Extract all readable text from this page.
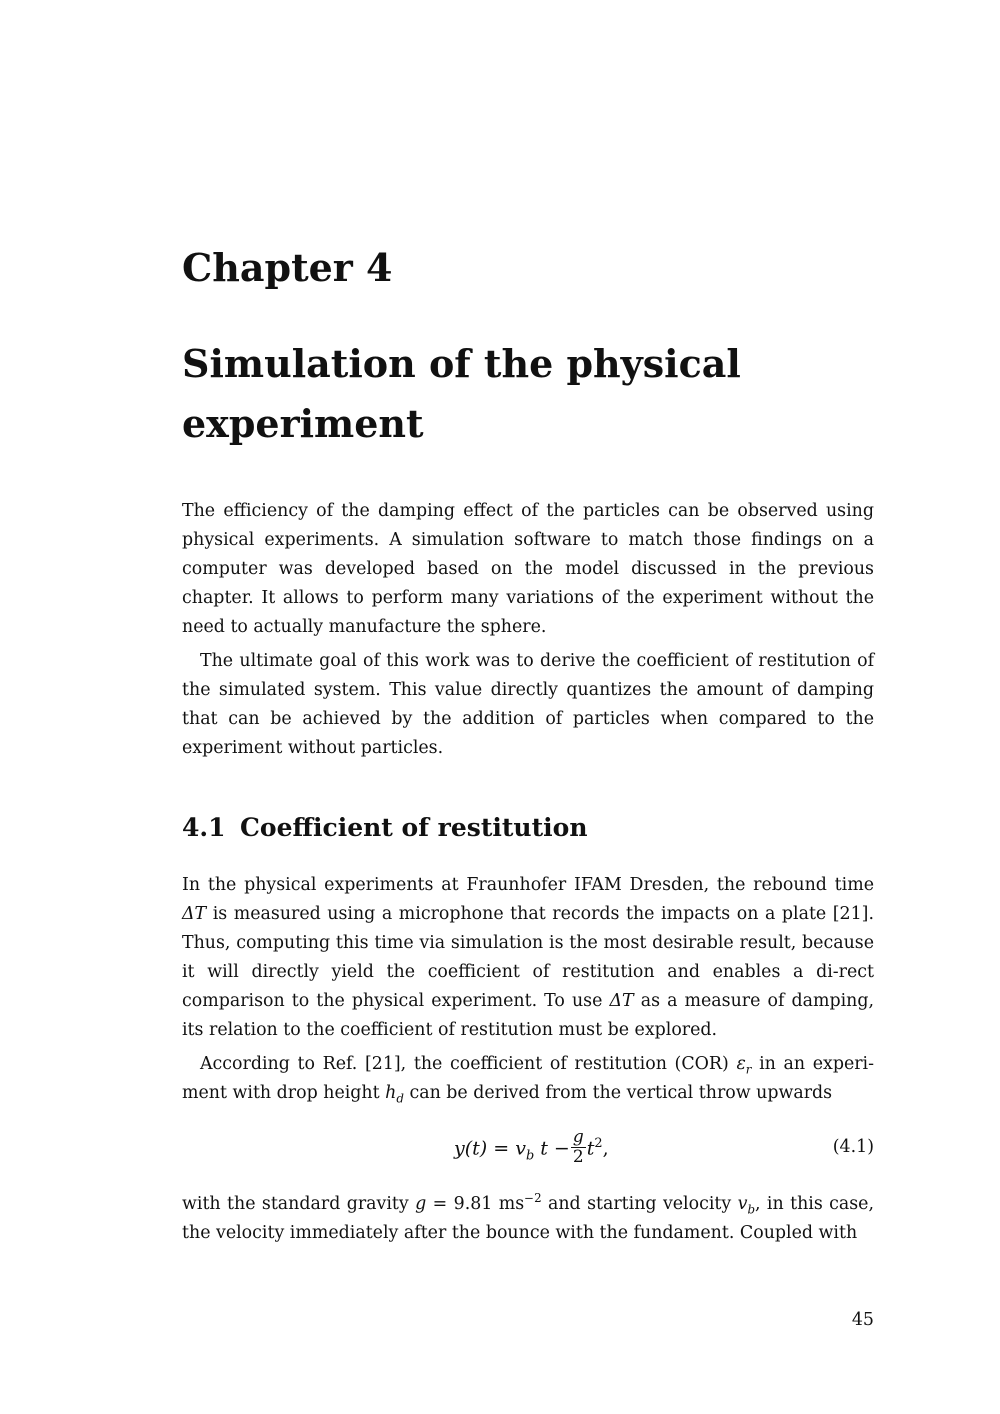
Chapter 4
Simulation of the physical experiment

The efficiency of the damping effect of the particles can be observed using physical experiments. A simulation software to match those findings on a computer was developed based on the model discussed in the previous chapter. It allows to perform many variations of the experiment without the need to actually manufacture the sphere.

The ultimate goal of this work was to derive the coefficient of restitution of the simulated system. This value directly quantizes the amount of damping that can be achieved by the addition of particles when compared to the experiment without particles.

4.1 Coefficient of restitution

In the physical experiments at Fraunhofer IFAM Dresden, the rebound time ΔT is measured using a microphone that records the impacts on a plate [21]. Thus, computing this time via simulation is the most desirable result, because it will directly yield the coefficient of restitution and enables a di-rect comparison to the physical experiment. To use ΔT as a measure of damping, its relation to the coefficient of restitution must be explored.

According to Ref. [21], the coefficient of restitution (COR) $\varepsilon_r$ in an experi-ment with drop height $h_d$ can be derived from the vertical throw upwards

$y(t) = v_b$ $t - \frac{g}{2} t^2$,	(4.1)

with the standard gravity g = 9.81 $ms^{-2}$ and starting velocity $v_b$, in this case, the velocity immediately after the bounce with the fundament. Coupled with

45
